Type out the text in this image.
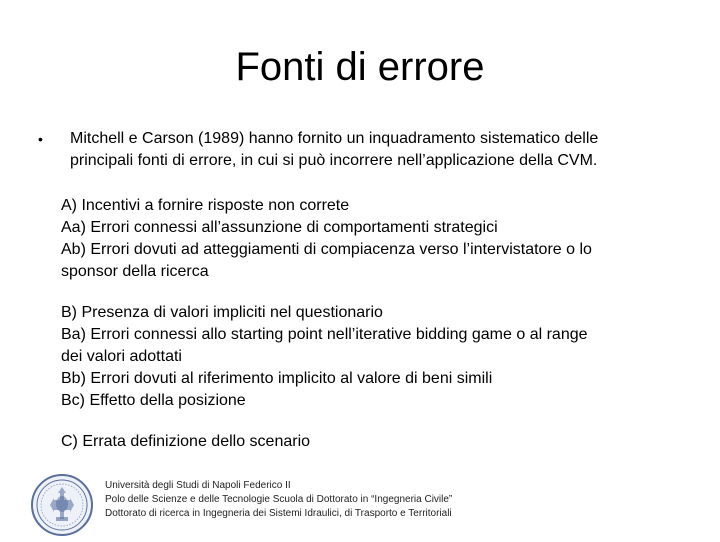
Fonti di errore
• Mitchell e Carson (1989) hanno fornito un inquadramento sistematico delle
principali fonti di errore, in cui si può incorrere nell’applicazione della CVM.
A) Incentivi a fornire risposte non correte
Aa) Errori connessi all’assunzione di comportamenti strategici
Ab) Errori dovuti ad atteggiamenti di compiacenza verso l’intervistatore o lo
sponsor della ricerca
B) Presenza di valori impliciti nel questionario
Ba) Errori connessi allo starting point nell’iterative bidding game o al range
dei valori adottati
Bb) Errori dovuti al riferimento implicito al valore di beni simili
Bc) Effetto della posizione
C) Errata definizione dello scenario
Università degli Studi di Napoli Federico II
Polo delle Scienze e delle Tecnologie Scuola di Dottorato in “Ingegneria Civile”
Dottorato di ricerca in Ingegneria dei Sistemi Idraulici, di Trasporto e Territoriali
